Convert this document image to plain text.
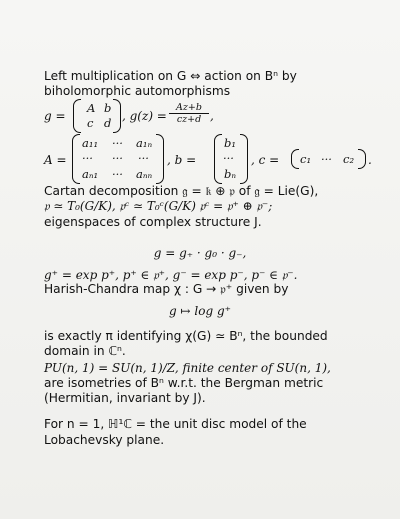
Left multiplication on G ⇔ action on Bⁿ by
biholomorphic automorphisms
g =
A b
c d , g(z) =
Az+b
cz+d ,
A =
a₁₁ ··· a₁ₙ
··· ··· ···
aₙ₁ ··· aₙₙ
, b =
b₁
···
bₙ
, c = c₁ ··· c₂ .
Cartan decomposition 𝔤 = 𝔨 ⊕ 𝔭 of 𝔤 = Lie(G),
𝔭 ≃ T₀(G/K), 𝔭ᶜ ≃ T₀ᶜ(G/K) 𝔭ᶜ = 𝔭⁺ ⊕ 𝔭⁻;
eigenspaces of complex structure J.
g = g₊ · g₀ · g₋,
g⁺ = exp p⁺, p⁺ ∈ 𝔭⁺, g⁻ = exp p⁻, p⁻ ∈ 𝔭⁻.
Harish-Chandra map χ : G → 𝔭⁺ given by
g ↦ log g⁺
is exactly π identifying χ(G) ≃ Bⁿ, the bounded
domain in ℂⁿ.
PU(n, 1) = SU(n, 1)/Z, finite center of SU(n, 1),
are isometries of Bⁿ w.r.t. the Bergman metric
(Hermitian, invariant by J).
For n = 1, ℍ¹ℂ = the unit disc model of the
Lobachevsky plane.
